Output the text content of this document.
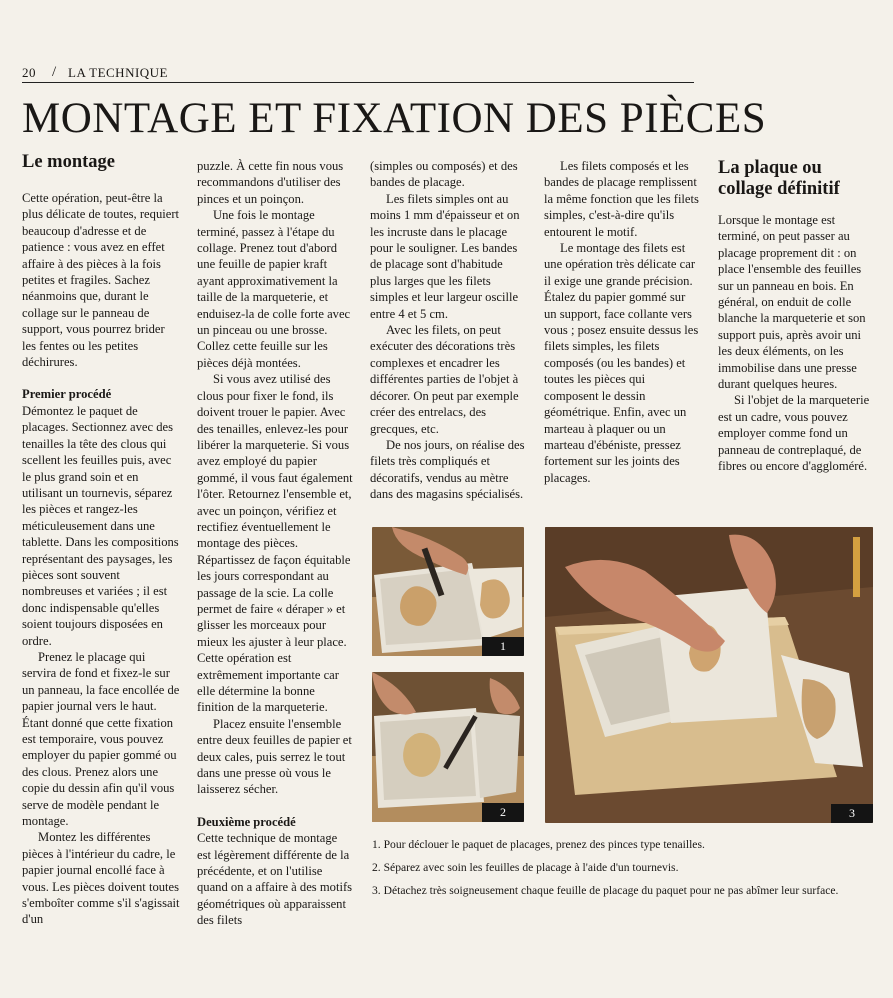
20 / LA TECHNIQUE
MONTAGE ET FIXATION DES PIÈCES
Le montage

Cette opération, peut-être la plus délicate de toutes, requiert beaucoup d'adresse et de patience : vous avez en effet affaire à des pièces à la fois petites et fragiles. Sachez néanmoins que, durant le collage sur le panneau de support, vous pourrez brider les fentes ou les petites déchirures.

Premier procédé

Démontez le paquet de placages. Sectionnez avec des tenailles la tête des clous qui scellent les feuilles puis, avec le plus grand soin et en utilisant un tournevis, séparez les pièces et rangez-les méticuleusement dans une tablette. Dans les compositions représentant des paysages, les pièces sont souvent nombreuses et variées ; il est donc indispensable qu'elles soient toujours disposées en ordre.

Prenez le placage qui servira de fond et fixez-le sur un panneau, la face encollée de papier journal vers le haut. Étant donné que cette fixation est temporaire, vous pouvez employer du papier gommé ou des clous. Prenez alors une copie du dessin afin qu'il vous serve de modèle pendant le montage.

Montez les différentes pièces à l'intérieur du cadre, le papier journal encollé face à vous. Les pièces doivent toutes s'emboîter comme s'il s'agissait d'un

puzzle. À cette fin nous vous recommandons d'utiliser des pinces et un poinçon.

Une fois le montage terminé, passez à l'étape du collage. Prenez tout d'abord une feuille de papier kraft ayant approximativement la taille de la marqueterie, et enduisez-la de colle forte avec un pinceau ou une brosse. Collez cette feuille sur les pièces déjà montées.

Si vous avez utilisé des clous pour fixer le fond, ils doivent trouer le papier. Avec des tenailles, enlevez-les pour libérer la marqueterie. Si vous avez employé du papier gommé, il vous faut également l'ôter. Retournez l'ensemble et, avec un poinçon, vérifiez et rectifiez éventuellement le montage des pièces. Répartissez de façon équitable les jours correspondant au passage de la scie. La colle permet de faire « déraper » et glisser les morceaux pour mieux les ajuster à leur place. Cette opération est extrêmement importante car elle détermine la bonne finition de la marqueterie.

Placez ensuite l'ensemble entre deux feuilles de papier et deux cales, puis serrez le tout dans une presse où vous le laisserez sécher.

Deuxième procédé

Cette technique de montage est légèrement différente de la précédente, et on l'utilise quand on a affaire à des motifs géométriques où apparaissent des filets

(simples ou composés) et des bandes de placage.

Les filets simples ont au moins 1 mm d'épaisseur et on les incruste dans le placage pour le souligner. Les bandes de placage sont d'habitude plus larges que les filets simples et leur largeur oscille entre 4 et 5 cm.

Avec les filets, on peut exécuter des décorations très complexes et encadrer les différentes parties de l'objet à décorer. On peut par exemple créer des entrelacs, des grecques, etc.

De nos jours, on réalise des filets très compliqués et décoratifs, vendus au mètre dans des magasins spécialisés.

Les filets composés et les bandes de placage remplissent la même fonction que les filets simples, c'est-à-dire qu'ils entourent le motif.

Le montage des filets est une opération très délicate car il exige une grande précision. Étalez du papier gommé sur un support, face collante vers vous ; posez ensuite dessus les filets simples, les filets composés (ou les bandes) et toutes les pièces qui composent le dessin géométrique. Enfin, avec un marteau à plaquer ou un marteau d'ébéniste, pressez fortement sur les joints des placages.

La plaque ou collage définitif

Lorsque le montage est terminé, on peut passer au placage proprement dit : on place l'ensemble des feuilles sur un panneau en bois. En général, on enduit de colle blanche la marqueterie et son support puis, après avoir uni les deux éléments, on les immobilise dans une presse durant quelques heures.

Si l'objet de la marqueterie est un cadre, vous pouvez employer comme fond un panneau de contreplaqué, de fibres ou encore d'aggloméré.

1
2	3

1. Pour déclouer le paquet de placages, prenez des pinces type tenailles.

2. Séparez avec soin les feuilles de placage à l'aide d'un tournevis.

3. Détachez très soigneusement chaque feuille de placage du paquet pour ne pas abîmer leur surface.
